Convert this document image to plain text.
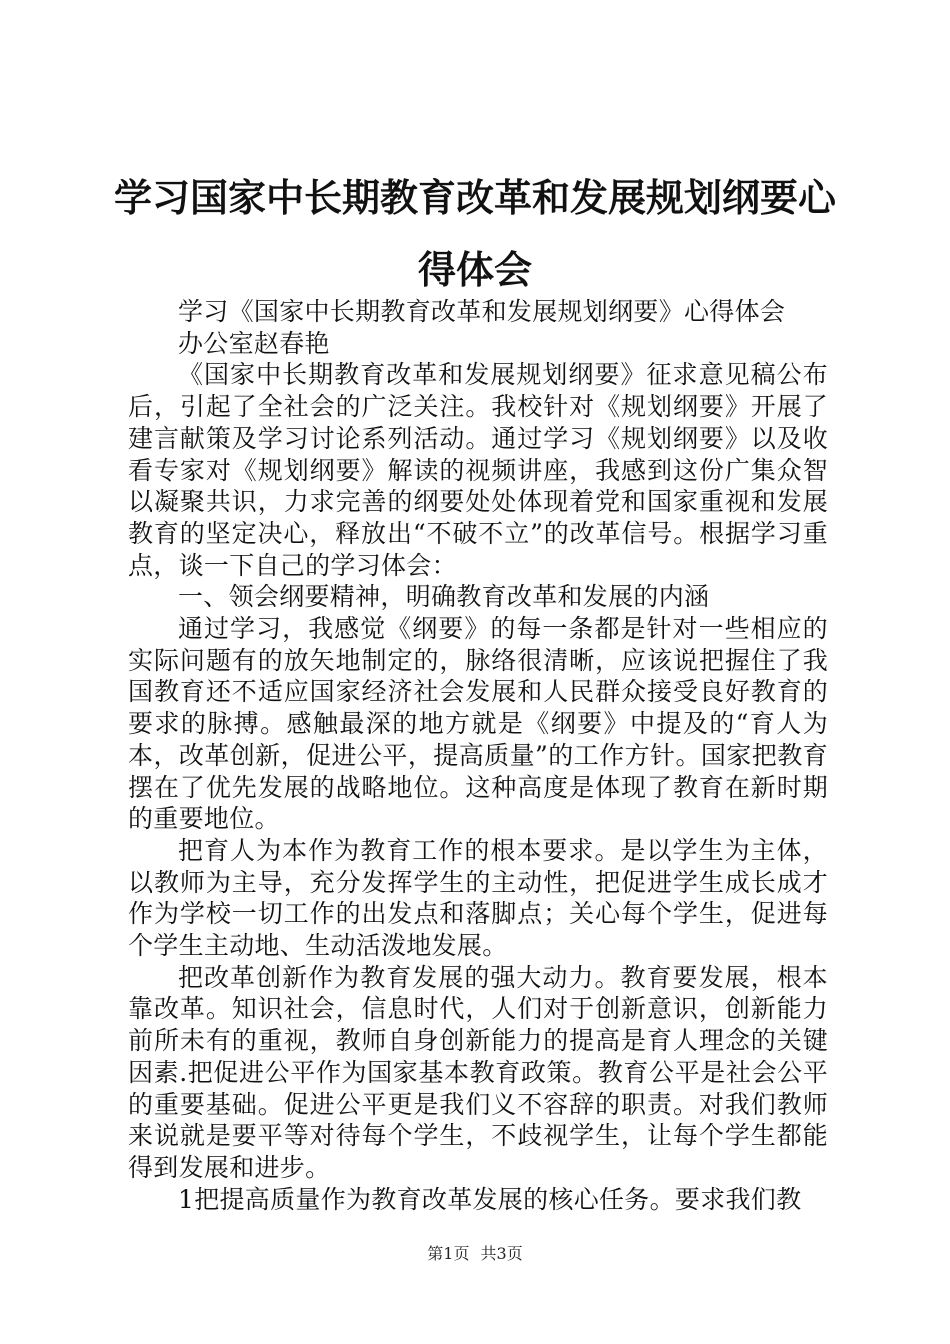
学习国家中长期教育改革和发展规划纲要心得体会

学习《国家中长期教育改革和发展规划纲要》心得体会

办公室赵春艳

《国家中长期教育改革和发展规划纲要》征求意见稿公布后，引起了全社会的广泛关注。我校针对《规划纲要》开展了建言献策及学习讨论系列活动。通过学习《规划纲要》以及收看专家对《规划纲要》解读的视频讲座，我感到这份广集众智以凝聚共识，力求完善的纲要处处体现着党和国家重视和发展教育的坚定决心，释放出“不破不立”的改革信号。根据学习重点，谈一下自己的学习体会：

一、领会纲要精神，明确教育改革和发展的内涵

通过学习，我感觉《纲要》的每一条都是针对一些相应的实际问题有的放矢地制定的，脉络很清晰，应该说把握住了我国教育还不适应国家经济社会发展和人民群众接受良好教育的要求的脉搏。感触最深的地方就是《纲要》中提及的“育人为本，改革创新，促进公平，提高质量”的工作方针。国家把教育摆在了优先发展的战略地位。这种高度是体现了教育在新时期的重要地位。

把育人为本作为教育工作的根本要求。是以学生为主体，以教师为主导，充分发挥学生的主动性，把促进学生成长成才作为学校一切工作的出发点和落脚点；关心每个学生，促进每个学生主动地、生动活泼地发展。

把改革创新作为教育发展的强大动力。教育要发展，根本靠改革。知识社会，信息时代，人们对于创新意识，创新能力前所未有的重视，教师自身创新能力的提高是育人理念的关键因素.把促进公平作为国家基本教育政策。教育公平是社会公平的重要基础。促进公平更是我们义不容辞的职责。对我们教师来说就是要平等对待每个学生，不歧视学生，让每个学生都能得到发展和进步。

1把提高质量作为教育改革发展的核心任务。要求我们教

第1页 共3页
